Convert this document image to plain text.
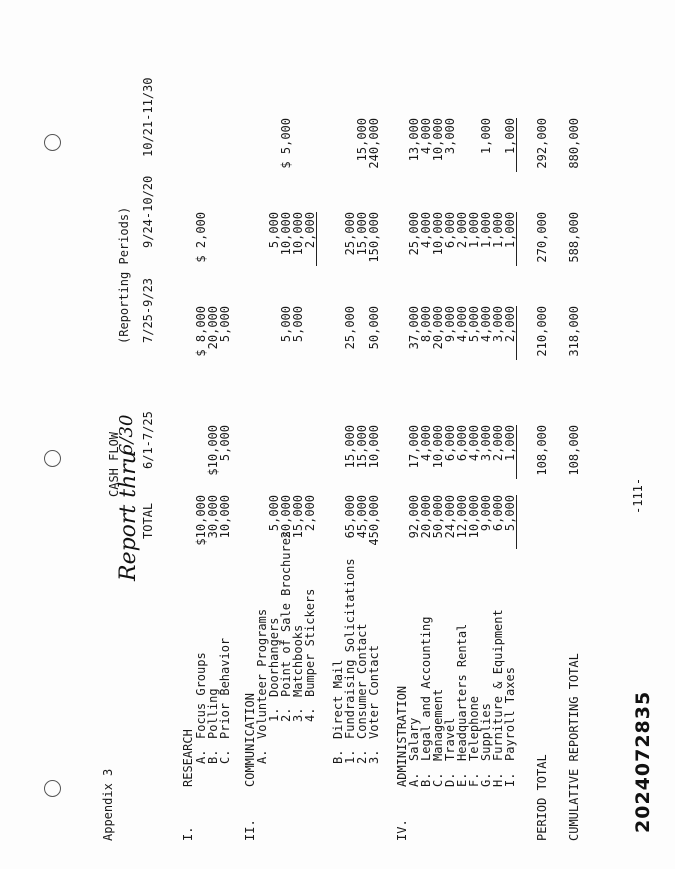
Appendix 3
CASH FLOW
Report thru
6/30
(Reporting Periods)
TOTAL
6/1-7/25
7/25-9/23
9/24-10/20
10/21-11/30
I.
RESEARCH A.
Focus Groups
$10,000
$ 8,000
$ 2,000
B.
Polling
30,000
$10,000
20,000
C.
Prior Behavior
10,000
5,000
5,000
II.
COMMUNICATION
A.
Volunteer Programs
1.
Doorhangers
5,000
5,000
2.
Point of Sale Brochures
20,000
5,000
10,000
$ 5,000
3.
Matchbooks
15,000
5,000
10,000
4.
Bumper Stickers
2,000
2,000
B.
Direct Mail
1.
Fundraising Solicitations
65,000
15,000
25,000
25,000
2.
Consumer Contact
45,000
15,000
15,000
15,000
3.
Voter Contact
450,000
10,000
50,000
150,000
240,000
IV.
ADMINISTRATION
A.
Salary
92,000
17,000
37,000
25,000
13,000
B.
Legal and Accounting
20,000
4,000
8,000
4,000
4,000
C.
Management
50,000
10,000
20,000
10,000
10,000
D.
Travel
24,000
6,000
9,000
6,000
3,000
E.
Headquarters Rental
12,000
6,000
4,000
2,000
F.
Telephone
10,000
4,000
5,000
1,000
G.
Supplies
9,000
3,000
4,000
1,000
1,000
H.
Furniture & Equipment
6,000
2,000
3,000
1,000
I.
Payroll Taxes
5,000
1,000
2,000
1,000
1,000
PERIOD TOTAL
108,000
210,000
270,000
292,000
CUMULATIVE REPORTING TOTAL
108,000
318,000
588,000
880,000
-111-
2024072835
